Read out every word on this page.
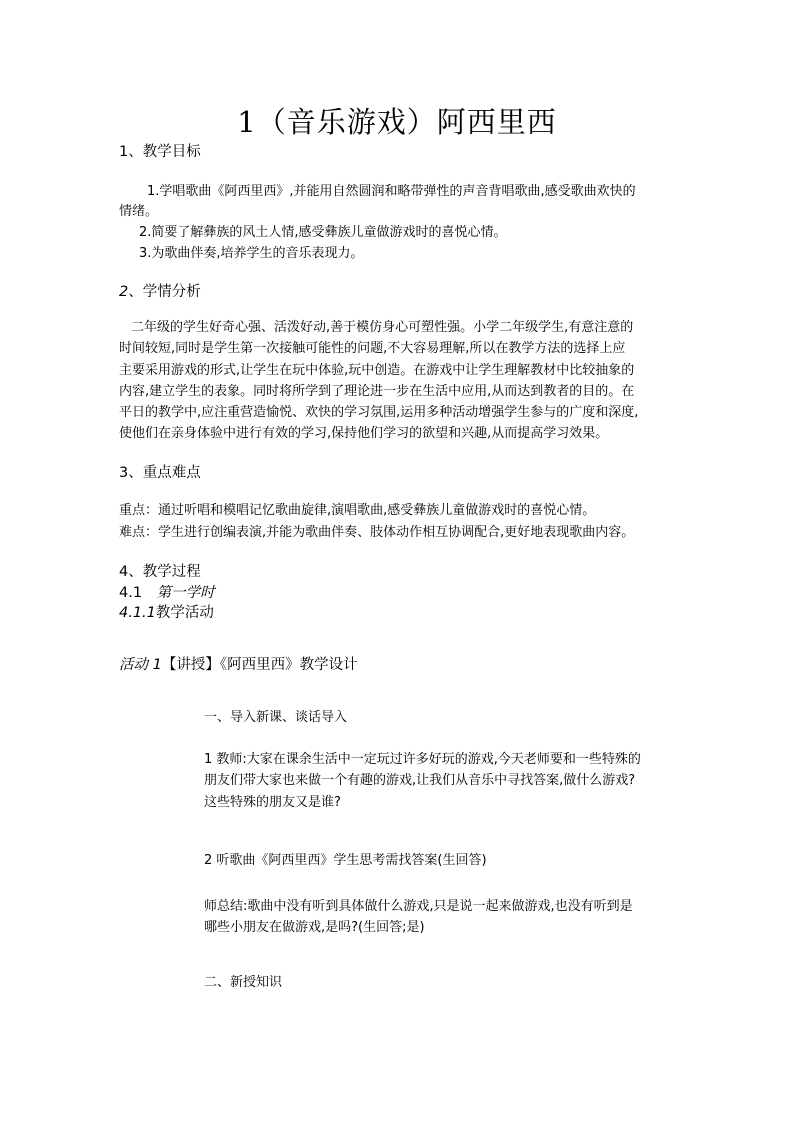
1（音乐游戏）阿西里西
1、教学目标
1.学唱歌曲《阿西里西》,并能用自然圆润和略带弹性的声音背唱歌曲,感受歌曲欢快的
情绪。
2.简要了解彝族的风土人情,感受彝族儿童做游戏时的喜悦心情。
3.为歌曲伴奏,培养学生的音乐表现力。
2、学情分析
二年级的学生好奇心强、活泼好动,善于模仿身心可塑性强。小学二年级学生,有意注意的
时间较短,同时是学生第一次接触可能性的问题,不大容易理解,所以在教学方法的选择上应
主要采用游戏的形式,让学生在玩中体验,玩中创造。在游戏中让学生理解教材中比较抽象的
内容,建立学生的表象。同时将所学到了理论进一步在生活中应用,从而达到教者的目的。在
平日的教学中,应注重营造愉悦、欢快的学习氛围,运用多种活动增强学生参与的广度和深度,
使他们在亲身体验中进行有效的学习,保持他们学习的欲望和兴趣,从而提高学习效果。
3、重点难点
重点：通过听唱和模唱记忆歌曲旋律,演唱歌曲,感受彝族儿童做游戏时的喜悦心情。
难点：学生进行创编表演,并能为歌曲伴奏、肢体动作相互协调配合,更好地表现歌曲内容。
4、教学过程
4.1 第一学时
4.1.1教学活动
活动 1【讲授】《阿西里西》教学设计
一、导入新课、谈话导入
1 教师:大家在课余生活中一定玩过许多好玩的游戏,今天老师要和一些特殊的
朋友们带大家也来做一个有趣的游戏,让我们从音乐中寻找答案,做什么游戏?
这些特殊的朋友又是谁?
2 听歌曲《阿西里西》学生思考需找答案(生回答)
师总结:歌曲中没有听到具体做什么游戏,只是说一起来做游戏,也没有听到是
哪些小朋友在做游戏,是吗?(生回答;是)
二、新授知识
